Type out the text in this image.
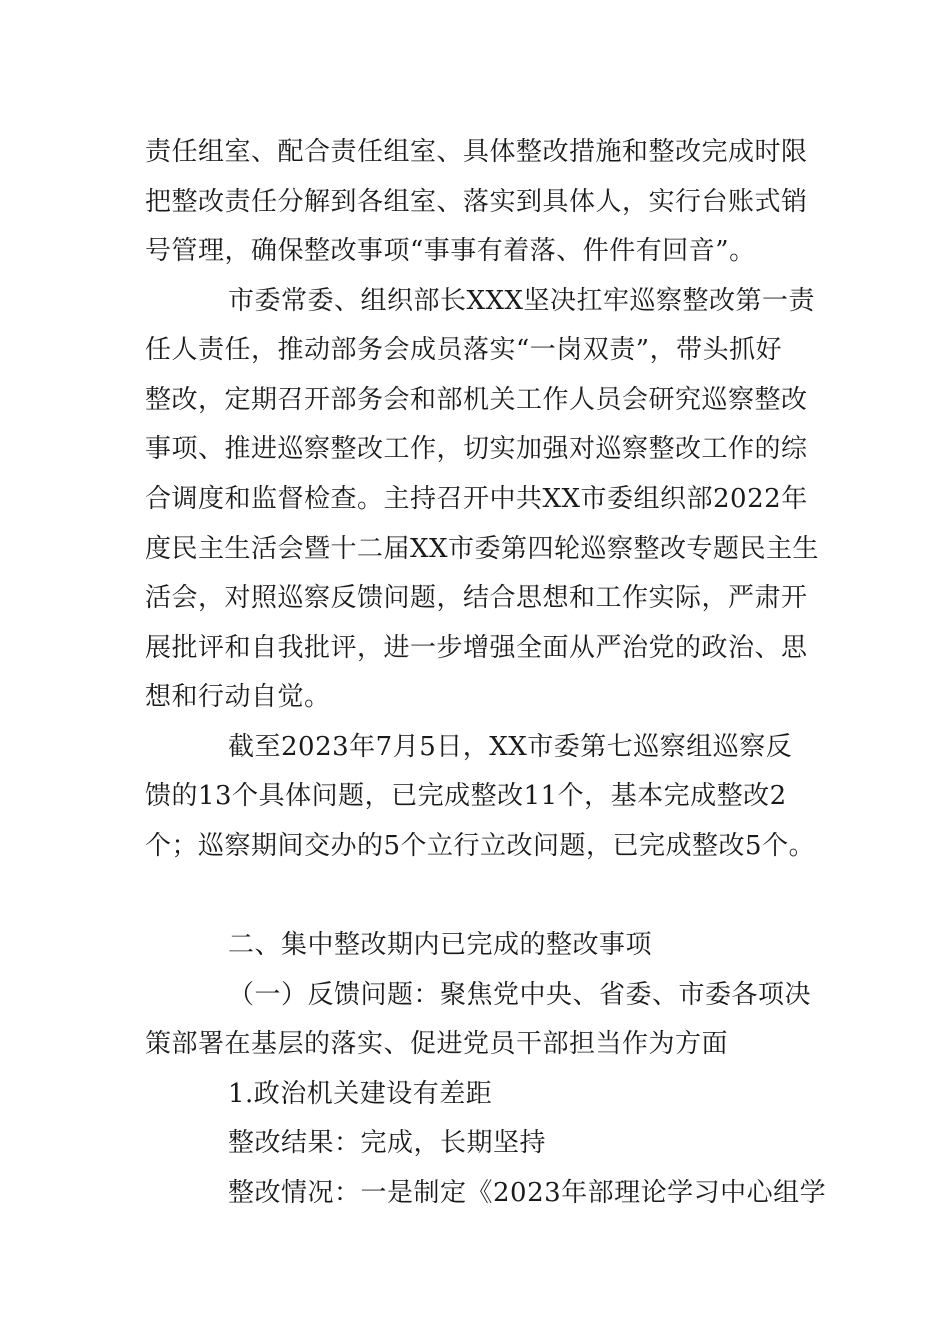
责任组室、配合责任组室、具体整改措施和整改完成时限
把整改责任分解到各组室、落实到具体人，实行台账式销
号管理，确保整改事项“事事有着落、件件有回音”。
市委常委、组织部长XXX坚决扛牢巡察整改第一责
任人责任，推动部务会成员落实“一岗双责”，带头抓好
整改，定期召开部务会和部机关工作人员会研究巡察整改
事项、推进巡察整改工作，切实加强对巡察整改工作的综
合调度和监督检查。主持召开中共XX市委组织部2022年
度民主生活会暨十二届XX市委第四轮巡察整改专题民主生
活会，对照巡察反馈问题，结合思想和工作实际，严肃开
展批评和自我批评，进一步增强全面从严治党的政治、思
想和行动自觉。
截至2023年7月5日，XX市委第七巡察组巡察反
馈的13个具体问题，已完成整改11个，基本完成整改2
个；巡察期间交办的5个立行立改问题，已完成整改5个。
二、集中整改期内已完成的整改事项
（一）反馈问题：聚焦党中央、省委、市委各项决
策部署在基层的落实、促进党员干部担当作为方面
1.政治机关建设有差距
整改结果：完成，长期坚持
整改情况：一是制定《2023年部理论学习中心组学
